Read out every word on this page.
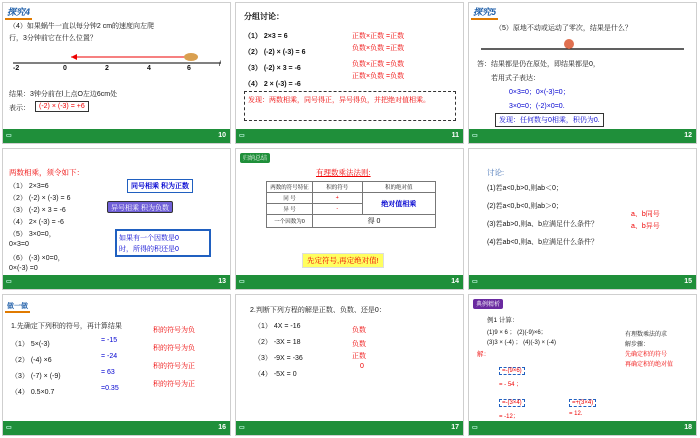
探究4
（4）如果蜗牛一直以每分钟2 cm的速度向左爬
行，3分钟前它在什么位置？
-2	0	2	4	6
l
结果：3钟分前在l上点O左边6cm处
表示：	(-2) × (-3) = +6
▭	10
分组讨论：
（1） 2×3 = 6	正数×正数 =正数
（2） (-2) × (-3) = 6
负数×负数 =正数
（3） (-2) × 3 = -6
负数×正数 =负数
（4） 2 × (-3) = -6
正数×负数 =负数
发现：两数相乘，同号得正，异号得负，并把绝对值相乘。
▭	11
探究5
（5）原地不动或运动了零次，结果是什么？
答：结果都是仍在原处，即结果都是0，
若用式子表达：
0×3=0；0×(-3)=0；
3×0=0；(-2)×0=0.
发现：任何数与0相乘，积仍为0.
▭	12
两数相乘，须令如下：
（1） 2×3=6
（2） (-2) × (-3) = 6
（3） (-2) × 3 = -6
（4） 2× (-3) = -6
（5） 3×0=0，
0×3=0
（6） (-3) ×0=0，
0×(-3) =0
同号相乘 积为正数
异号相乘 积为负数
如果有一个因数是0
时，所得的积还是0
▭	13
归纳总结
有理数乘法法则:
两数的符号特征	积的符号	积的绝对值
同 号	+	绝对值相乘
异 号	-	
一个因数为0	得 0	
先定符号,再定绝对值!
▭	14
讨论:
(1)若a<0,b>0,则ab＜0；
(2)若a<0,b<0,则ab＞0；
(3)若ab>0,则a、b应满足什么条件？
(4)若ab<0,则a、b应满足什么条件？
a、b同号
a、b异号
▭	15
做一做
1.先确定下列积的符号，再计算结果
（1） 5×(-3)
= -15
积的符号为负
（2） (-4) ×6
= -24
积的符号为负
（3） (-7) × (-9)
= 63
积的符号为正
（4） 0.5×0.7
=0.35
积的符号为正
▭	16
2.判断下列方程的解是正数、负数、还是0：
（1） 4X = -16
负数
（2） -3X = 18	负数
（3） -9X = -36	正数
（4） -5X = 0
0
▭	17
典例精析
例1 计算：
(1)9 × 6 ； (2)(-9)×6；
(3)3 × (-4) ； (4)(-3) × (-4)
解：
=-(9×6)
= - 54 ；
=-(3×4)
= -12；
=+(3×4)
= 12.
有理数乘法的求
解步骤：
先确定积的符号
再确定积的绝对值
▭	18
